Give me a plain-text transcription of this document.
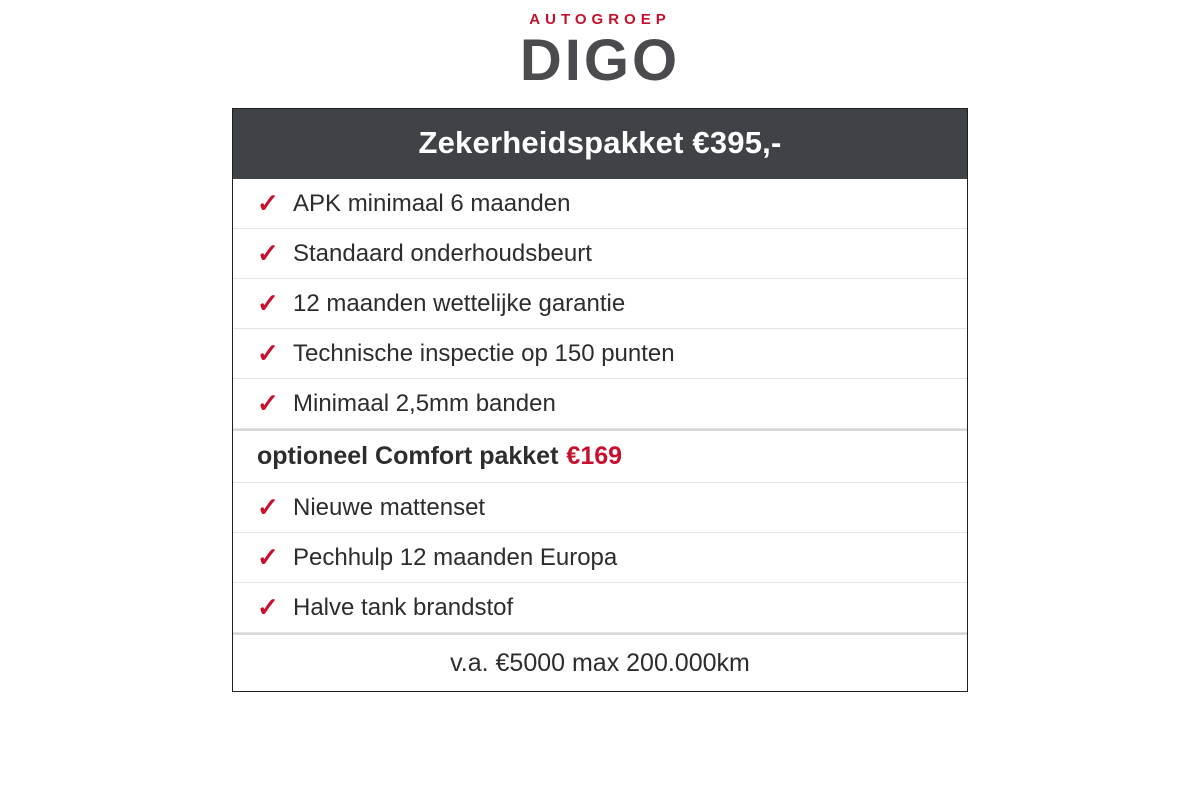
AUTOGROEP
DIGO
Zekerheidspakket €395,-
✓ APK minimaal 6 maanden
✓ Standaard onderhoudsbeurt
✓ 12 maanden wettelijke garantie
✓ Technische inspectie op 150 punten
✓ Minimaal 2,5mm banden
optioneel Comfort pakket €169
✓ Nieuwe mattenset
✓ Pechhulp 12 maanden Europa
✓ Halve tank brandstof
v.a. €5000 max 200.000km
